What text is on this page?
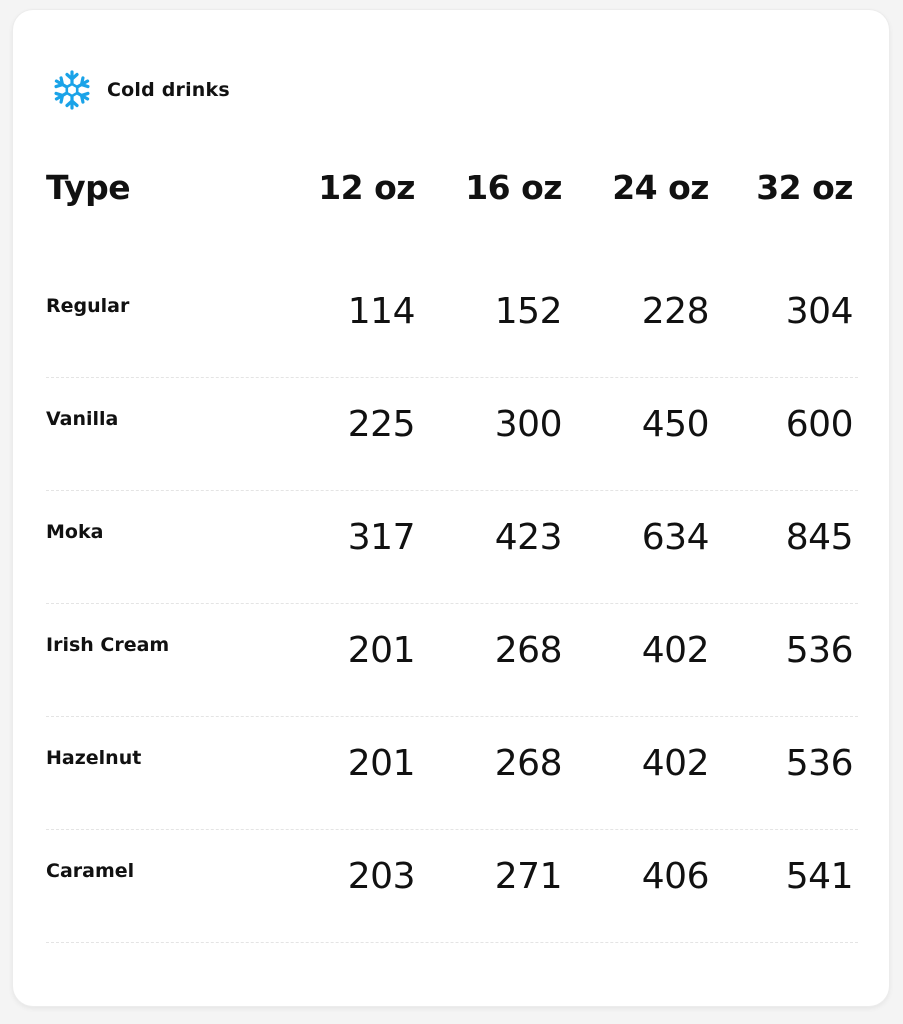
Cold drinks
Type	12 oz	16 oz	24 oz	32 oz
Regular	114	152	228	304
Vanilla	225	300	450	600
Moka	317	423	634	845
Irish Cream	201	268	402	536
Hazelnut	201	268	402	536
Caramel	203	271	406	541
